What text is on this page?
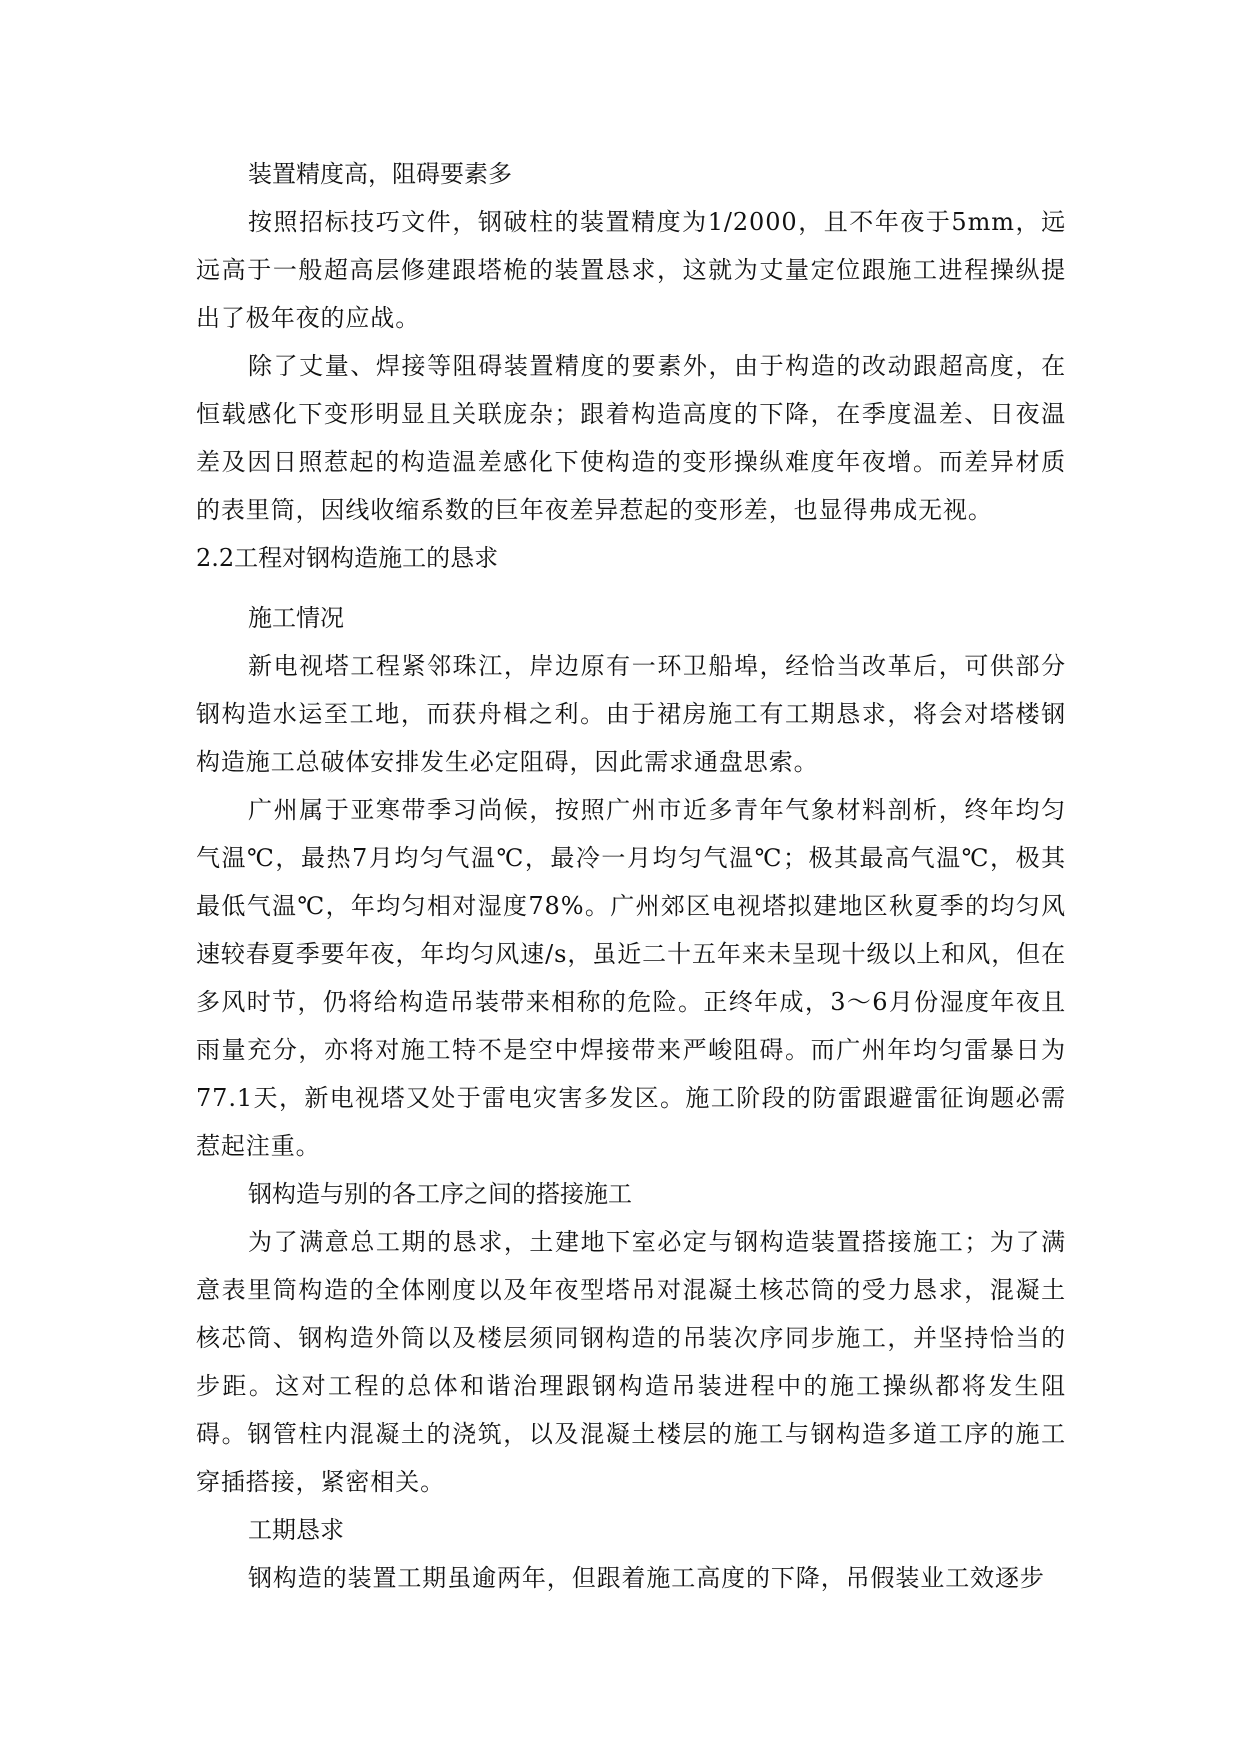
装置精度高，阻碍要素多

按照招标技巧文件，钢破柱的装置精度为1/2000，且不年夜于5mm，远远高于一般超高层修建跟塔桅的装置恳求，这就为丈量定位跟施工进程操纵提出了极年夜的应战。

除了丈量、焊接等阻碍装置精度的要素外，由于构造的改动跟超高度，在恒载感化下变形明显且关联庞杂；跟着构造高度的下降，在季度温差、日夜温差及因日照惹起的构造温差感化下使构造的变形操纵难度年夜增。而差异材质的表里筒，因线收缩系数的巨年夜差异惹起的变形差，也显得弗成无视。

2.2工程对钢构造施工的恳求

施工情况

新电视塔工程紧邻珠江，岸边原有一环卫船埠，经恰当改革后，可供部分钢构造水运至工地，而获舟楫之利。由于裙房施工有工期恳求，将会对塔楼钢构造施工总破体安排发生必定阻碍，因此需求通盘思索。

广州属于亚寒带季习尚候，按照广州市近多青年气象材料剖析，终年均匀气温℃，最热7月均匀气温℃，最冷一月均匀气温℃；极其最高气温℃，极其最低气温℃，年均匀相对湿度78%。广州郊区电视塔拟建地区秋夏季的均匀风速较春夏季要年夜，年均匀风速/s，虽近二十五年来未呈现十级以上和风，但在多风时节，仍将给构造吊装带来相称的危险。正终年成，3～6月份湿度年夜且雨量充分，亦将对施工特不是空中焊接带来严峻阻碍。而广州年均匀雷暴日为77.1天，新电视塔又处于雷电灾害多发区。施工阶段的防雷跟避雷征询题必需惹起注重。

钢构造与别的各工序之间的搭接施工

为了满意总工期的恳求，土建地下室必定与钢构造装置搭接施工；为了满意表里筒构造的全体刚度以及年夜型塔吊对混凝土核芯筒的受力恳求，混凝土核芯筒、钢构造外筒以及楼层须同钢构造的吊装次序同步施工，并坚持恰当的步距。这对工程的总体和谐治理跟钢构造吊装进程中的施工操纵都将发生阻碍。钢管柱内混凝土的浇筑，以及混凝土楼层的施工与钢构造多道工序的施工穿插搭接，紧密相关。

工期恳求

钢构造的装置工期虽逾两年，但跟着施工高度的下降，吊假装业工效逐步
